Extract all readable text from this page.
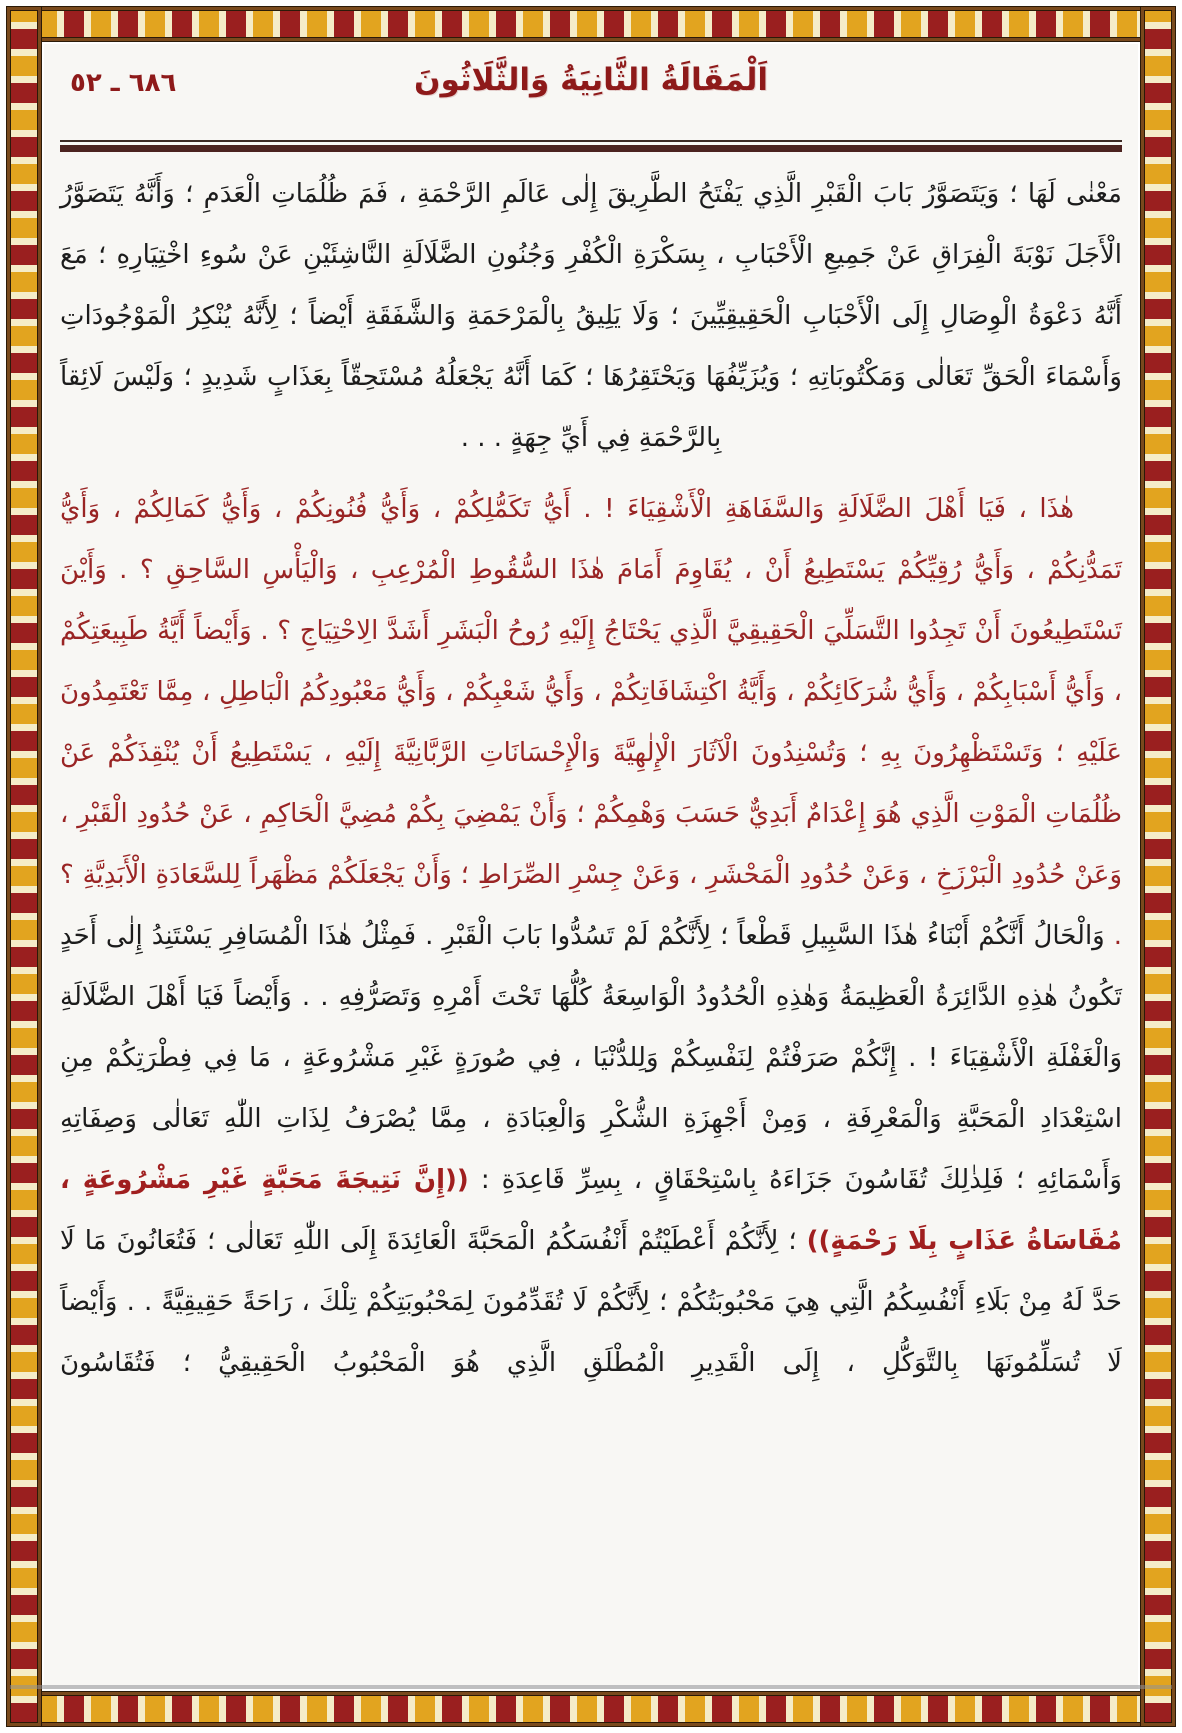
اَلْمَقَالَةُ الثَّانِيَةُ وَالثَّلَاثُونَ
٦٨٦ ـ ٥٢

مَعْنٰى لَهَا ؛ وَيَتَصَوَّرُ بَابَ الْقَبْرِ الَّذِي يَفْتَحُ الطَّرِيقَ إِلٰى عَالَمِ الرَّحْمَةِ ، فَمَ ظُلُمَاتِ الْعَدَمِ ؛ وَأَنَّهُ يَتَصَوَّرُ الْأَجَلَ نَوْبَةَ الْفِرَاقِ عَنْ جَمِيعِ الْأَحْبَابِ ، بِسَكْرَةِ الْكُفْرِ وَجُنُونِ الضَّلَالَةِ النَّاشِئَيْنِ عَنْ سُوءِ اخْتِيَارِهِ ؛ مَعَ أَنَّهُ دَعْوَةُ الْوِصَالِ إِلَى الْأَحْبَابِ الْحَقِيقِيِّينَ ؛ وَلَا يَلِيقُ بِالْمَرْحَمَةِ وَالشَّفَقَةِ أَيْضاً ؛ لِأَنَّهُ يُنْكِرُ الْمَوْجُودَاتِ وَأَسْمَاءَ الْحَقِّ تَعَالٰى وَمَكْتُوبَاتِهِ ؛ وَيُزَيِّفُهَا وَيَحْتَقِرُهَا ؛ كَمَا أَنَّهُ يَجْعَلُهُ مُسْتَحِقّاً بِعَذَابٍ شَدِيدٍ ؛ وَلَيْسَ لَائِقاً بِالرَّحْمَةِ فِي أَيِّ جِهَةٍ . . .

هٰذَا ، فَيَا أَهْلَ الضَّلَالَةِ وَالسَّفَاهَةِ الْأَشْقِيَاءَ ! . أَيُّ تَكَمُّلِكُمْ ، وَأَيُّ فُنُونِكُمْ ، وَأَيُّ كَمَالِكُمْ ، وَأَيُّ تَمَدُّنِكُمْ ، وَأَيُّ رُقِيِّكُمْ يَسْتَطِيعُ أَنْ ، يُقَاوِمَ أَمَامَ هٰذَا السُّقُوطِ الْمُرْعِبِ ، وَالْيَأْسِ السَّاحِقِ ؟ . وَأَيْنَ تَسْتَطِيعُونَ أَنْ تَجِدُوا التَّسَلِّيَ الْحَقِيقِيَّ الَّذِي يَحْتَاجُ إِلَيْهِ رُوحُ الْبَشَرِ أَشَدَّ الِاحْتِيَاجِ ؟ . وَأَيْضاً أَيَّةُ طَبِيعَتِكُمْ ، وَأَيُّ أَسْبَابِكُمْ ، وَأَيُّ شُرَكَائِكُمْ ، وَأَيَّةُ اكْتِشَافَاتِكُمْ ، وَأَيُّ شَعْبِكُمْ ، وَأَيُّ مَعْبُودِكُمُ الْبَاطِلِ ، مِمَّا تَعْتَمِدُونَ عَلَيْهِ ؛ وَتَسْتَظْهِرُونَ بِهِ ؛ وَتُسْنِدُونَ الْآثَارَ الْإِلٰهِيَّةَ وَالْإِحْسَانَاتِ الرَّبَّانِيَّةَ إِلَيْهِ ، يَسْتَطِيعُ أَنْ يُنْقِذَكُمْ عَنْ ظُلُمَاتِ الْمَوْتِ الَّذِي هُوَ إِعْدَامٌ أَبَدِيٌّ حَسَبَ وَهْمِكُمْ ؛ وَأَنْ يَمْضِيَ بِكُمْ مُضِيَّ الْحَاكِمِ ، عَنْ حُدُودِ الْقَبْرِ ، وَعَنْ حُدُودِ الْبَرْزَخِ ، وَعَنْ حُدُودِ الْمَحْشَرِ ، وَعَنْ جِسْرِ الصِّرَاطِ ؛ وَأَنْ يَجْعَلَكُمْ مَظْهَراً لِلسَّعَادَةِ الْأَبَدِيَّةِ ؟ . وَالْحَالُ أَنَّكُمْ أَبْنَاءُ هٰذَا السَّبِيلِ قَطْعاً ؛ لِأَنَّكُمْ لَمْ تَسُدُّوا بَابَ الْقَبْرِ . فَمِثْلُ هٰذَا الْمُسَافِرِ يَسْتَنِدُ إِلٰى أَحَدٍ تَكُونُ هٰذِهِ الدَّائِرَةُ الْعَظِيمَةُ وَهٰذِهِ الْحُدُودُ الْوَاسِعَةُ كُلُّهَا تَحْتَ أَمْرِهِ وَتَصَرُّفِهِ . . وَأَيْضاً فَيَا أَهْلَ الضَّلَالَةِ وَالْغَفْلَةِ الْأَشْقِيَاءَ ! . إِنَّكُمْ صَرَفْتُمْ لِنَفْسِكُمْ وَلِلدُّنْيَا ، فِي صُورَةٍ غَيْرِ مَشْرُوعَةٍ ، مَا فِي فِطْرَتِكُمْ مِنِ اسْتِعْدَادِ الْمَحَبَّةِ وَالْمَعْرِفَةِ ، وَمِنْ أَجْهِزَةِ الشُّكْرِ وَالْعِبَادَةِ ، مِمَّا يُصْرَفُ لِذَاتِ اللّٰهِ تَعَالٰى وَصِفَاتِهِ وَأَسْمَائِهِ ؛ فَلِذٰلِكَ تُقَاسُونَ جَزَاءَهُ بِاسْتِحْقَاقٍ ، بِسِرِّ قَاعِدَةِ : ((إِنَّ نَتِيجَةَ مَحَبَّةٍ غَيْرِ مَشْرُوعَةٍ ، مُقَاسَاةُ عَذَابٍ بِلَا رَحْمَةٍ)) ؛ لِأَنَّكُمْ أَعْطَيْتُمْ أَنْفُسَكُمُ الْمَحَبَّةَ الْعَائِدَةَ إِلَى اللّٰهِ تَعَالٰى ؛ فَتُعَانُونَ مَا لَا حَدَّ لَهُ مِنْ بَلَاءِ أَنْفُسِكُمُ الَّتِي هِيَ مَحْبُوبَتُكُمْ ؛ لِأَنَّكُمْ لَا تُقَدِّمُونَ لِمَحْبُوبَتِكُمْ تِلْكَ ، رَاحَةً حَقِيقِيَّةً . . وَأَيْضاً لَا تُسَلِّمُونَهَا بِالتَّوَكُّلِ ، إِلَى الْقَدِيرِ الْمُطْلَقِ الَّذِي هُوَ الْمَحْبُوبُ الْحَقِيقِيُّ ؛ فَتُقَاسُونَ
